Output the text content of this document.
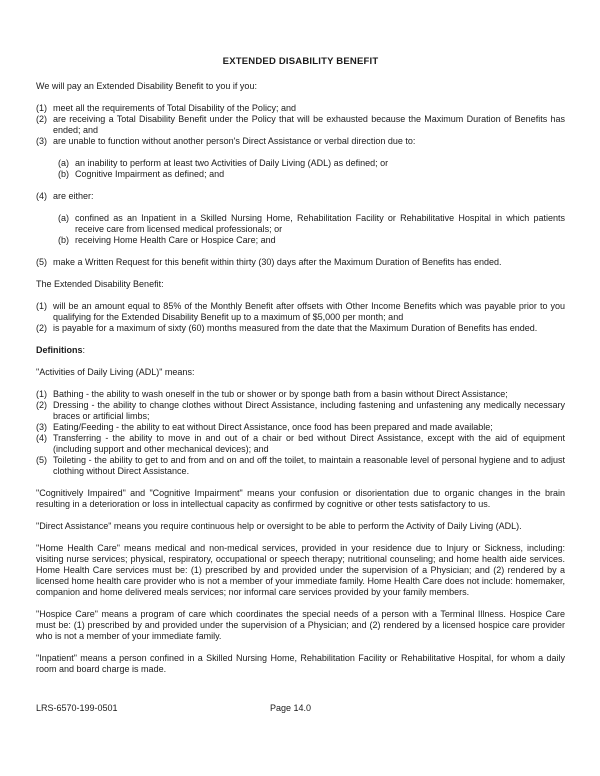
EXTENDED DISABILITY BENEFIT

We will pay an Extended Disability Benefit to you if you:

(1) meet all the requirements of Total Disability of the Policy; and
(2) are receiving a Total Disability Benefit under the Policy that will be exhausted because the Maximum Duration of Benefits has ended; and
(3) are unable to function without another person's Direct Assistance or verbal direction due to:
(a) an inability to perform at least two Activities of Daily Living (ADL) as defined; or
(b) Cognitive Impairment as defined; and
(4) are either:
(a) confined as an Inpatient in a Skilled Nursing Home, Rehabilitation Facility or Rehabilitative Hospital in which patients receive care from licensed medical professionals; or
(b) receiving Home Health Care or Hospice Care; and
(5) make a Written Request for this benefit within thirty (30) days after the Maximum Duration of Benefits has ended.

The Extended Disability Benefit:

(1) will be an amount equal to 85% of the Monthly Benefit after offsets with Other Income Benefits which was payable prior to you qualifying for the Extended Disability Benefit up to a maximum of $5,000 per month; and
(2) is payable for a maximum of sixty (60) months measured from the date that the Maximum Duration of Benefits has ended.

Definitions:

"Activities of Daily Living (ADL)" means:

(1) Bathing - the ability to wash oneself in the tub or shower or by sponge bath from a basin without Direct Assistance;
(2) Dressing - the ability to change clothes without Direct Assistance, including fastening and unfastening any medically necessary braces or artificial limbs;
(3) Eating/Feeding - the ability to eat without Direct Assistance, once food has been prepared and made available;
(4) Transferring - the ability to move in and out of a chair or bed without Direct Assistance, except with the aid of equipment (including support and other mechanical devices); and
(5) Toileting - the ability to get to and from and on and off the toilet, to maintain a reasonable level of personal hygiene and to adjust clothing without Direct Assistance.

"Cognitively Impaired" and "Cognitive Impairment" means your confusion or disorientation due to organic changes in the brain resulting in a deterioration or loss in intellectual capacity as confirmed by cognitive or other tests satisfactory to us.

"Direct Assistance" means you require continuous help or oversight to be able to perform the Activity of Daily Living (ADL).

"Home Health Care" means medical and non-medical services, provided in your residence due to Injury or Sickness, including: visiting nurse services; physical, respiratory, occupational or speech therapy; nutritional counseling; and home health aide services. Home Health Care services must be: (1) prescribed by and provided under the supervision of a Physician; and (2) rendered by a licensed home health care provider who is not a member of your immediate family. Home Health Care does not include: homemaker, companion and home delivered meals services; nor informal care services provided by your family members.

"Hospice Care" means a program of care which coordinates the special needs of a person with a Terminal Illness. Hospice Care must be: (1) prescribed by and provided under the supervision of a Physician; and (2) rendered by a licensed hospice care provider who is not a member of your immediate family.

"Inpatient" means a person confined in a Skilled Nursing Home, Rehabilitation Facility or Rehabilitative Hospital, for whom a daily room and board charge is made.

LRS-6570-199-0501	Page 14.0
